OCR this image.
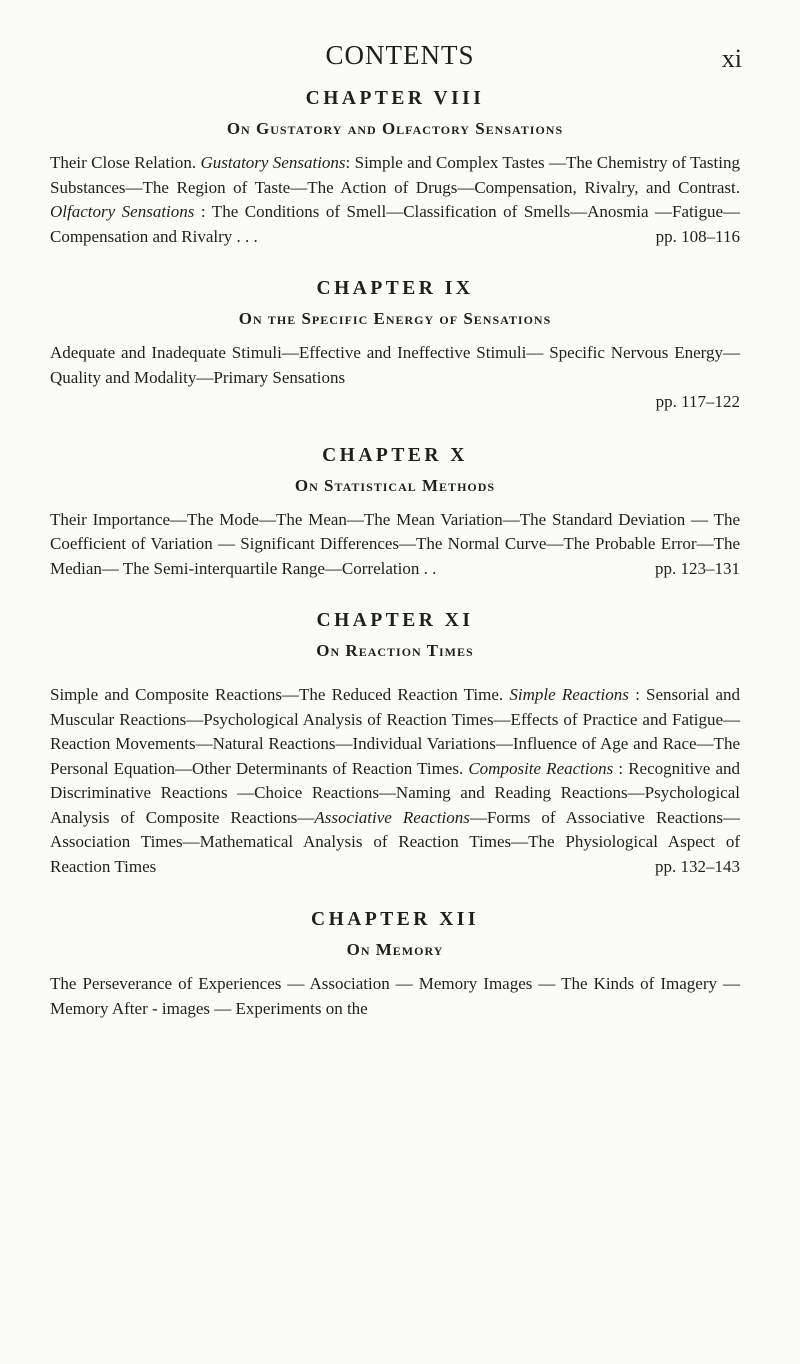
CONTENTS	xi
CHAPTER VIII
On Gustatory and Olfactory Sensations

Their Close Relation. Gustatory Sensations: Simple and Complex Tastes —The Chemistry of Tasting Substances—The Region of Taste—The Action of Drugs—Compensation, Rivalry, and Contrast. Olfactory Sensations : The Conditions of Smell—Classification of Smells—Anosmia —Fatigue—Compensation and Rivalry . . .	pp. 108–116

CHAPTER IX
On the Specific Energy of Sensations

Adequate and Inadequate Stimuli—Effective and Ineffective Stimuli— Specific Nervous Energy—Quality and Modality—Primary Sensations
pp. 117–122

CHAPTER X
On Statistical Methods

Their Importance—The Mode—The Mean—The Mean Variation—The Standard Deviation — The Coefficient of Variation — Significant Differences—The Normal Curve—The Probable Error—The Median— The Semi-interquartile Range—Correlation . .	pp. 123–131

CHAPTER XI
On Reaction Times

Simple and Composite Reactions—The Reduced Reaction Time. Simple Reactions : Sensorial and Muscular Reactions—Psychological Analysis of Reaction Times—Effects of Practice and Fatigue—Reaction Movements—Natural Reactions—Individual Variations—Influence of Age and Race—The Personal Equation—Other Determinants of Reaction Times. Composite Reactions : Recognitive and Discriminative Reactions —Choice Reactions—Naming and Reading Reactions—Psychological Analysis of Composite Reactions—Associative Reactions—Forms of Associative Reactions—Association Times—Mathematical Analysis of Reaction Times—The Physiological Aspect of Reaction Times	pp. 132–143

CHAPTER XII
On Memory

The Perseverance of Experiences — Association — Memory Images — The Kinds of Imagery — Memory After - images — Experiments on the
